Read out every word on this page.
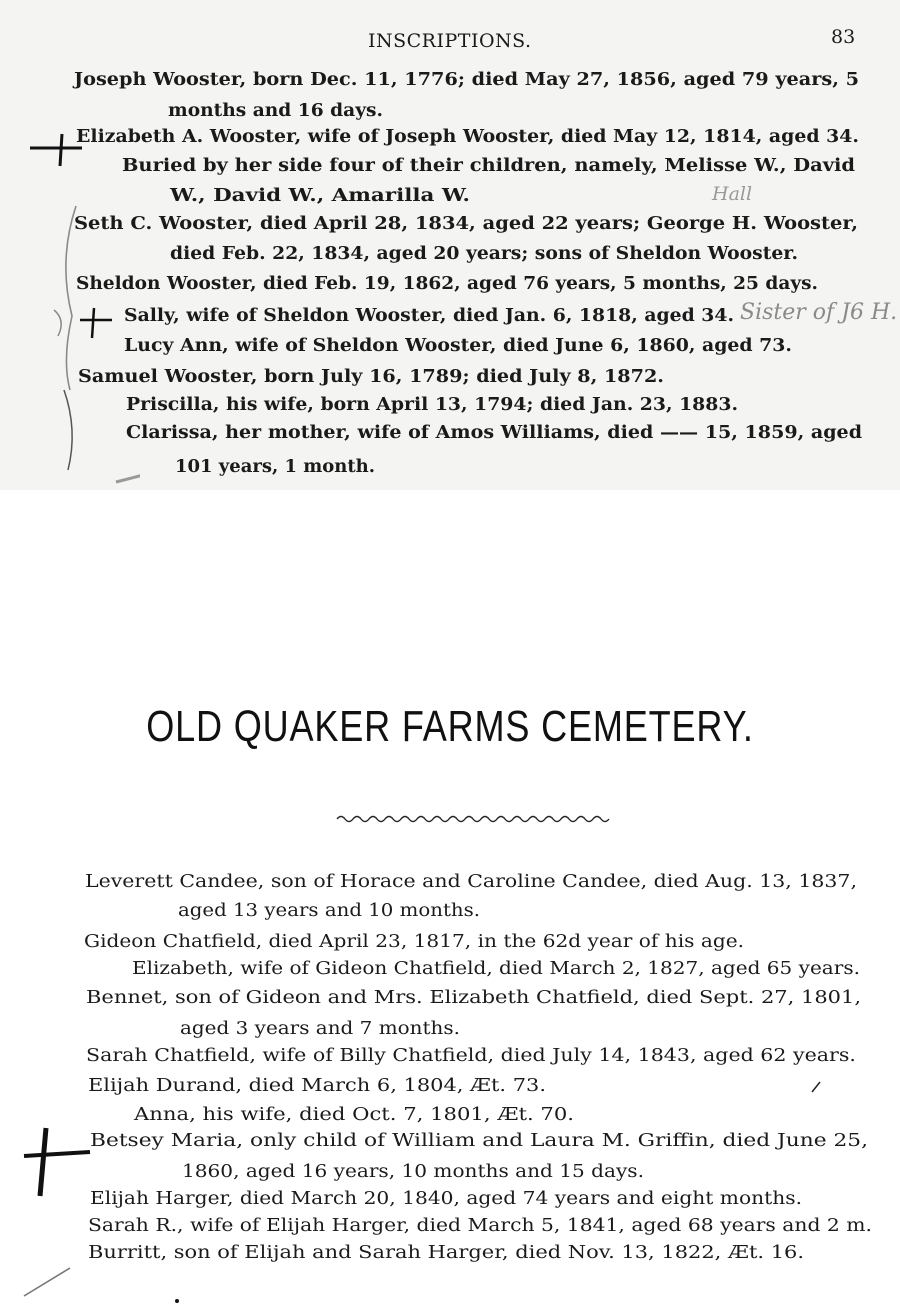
INSCRIPTIONS.	83
Joseph Wooster, born Dec. 11, 1776; died May 27, 1856, aged 79 years, 5
months and 16 days.
Elizabeth A. Wooster, wife of Joseph Wooster, died May 12, 1814, aged 34.
Buried by her side four of their children, namely, Melisse W., David
W., David W., Amarilla W.
Seth C. Wooster, died April 28, 1834, aged 22 years; George H. Wooster,
died Feb. 22, 1834, aged 20 years; sons of Sheldon Wooster.
Sheldon Wooster, died Feb. 19, 1862, aged 76 years, 5 months, 25 days.
Sally, wife of Sheldon Wooster, died Jan. 6, 1818, aged 34.
Lucy Ann, wife of Sheldon Wooster, died June 6, 1860, aged 73.
Samuel Wooster, born July 16, 1789; died July 8, 1872.
Priscilla, his wife, born April 13, 1794; died Jan. 23, 1883.
Clarissa, her mother, wife of Amos Williams, died —— 15, 1859, aged
101 years, 1 month.
Hall
Sister of J6 H.
OLD QUAKER FARMS CEMETERY.
Leverett Candee, son of Horace and Caroline Candee, died Aug. 13, 1837,
aged 13 years and 10 months.
Gideon Chatfield, died April 23, 1817, in the 62d year of his age.
Elizabeth, wife of Gideon Chatfield, died March 2, 1827, aged 65 years.
Bennet, son of Gideon and Mrs. Elizabeth Chatfield, died Sept. 27, 1801,
aged 3 years and 7 months.
Sarah Chatfield, wife of Billy Chatfield, died July 14, 1843, aged 62 years.
Elijah Durand, died March 6, 1804, Æt. 73.
Anna, his wife, died Oct. 7, 1801, Æt. 70.
Betsey Maria, only child of William and Laura M. Griffin, died June 25,
1860, aged 16 years, 10 months and 15 days.
Elijah Harger, died March 20, 1840, aged 74 years and eight months.
Sarah R., wife of Elijah Harger, died March 5, 1841, aged 68 years and 2 m.
Burritt, son of Elijah and Sarah Harger, died Nov. 13, 1822, Æt. 16.
